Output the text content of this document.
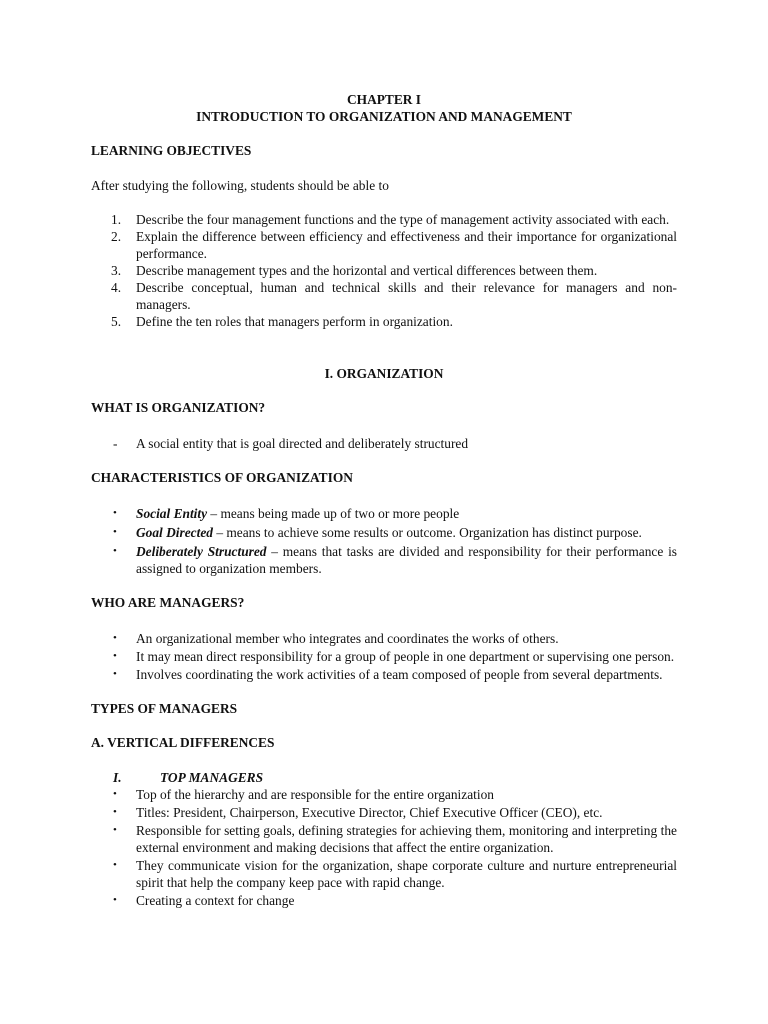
CHAPTER I

INTRODUCTION TO ORGANIZATION AND MANAGEMENT

LEARNING OBJECTIVES

After studying the following, students should be able to

1. Describe the four management functions and the type of management activity associated with each.
2. Explain the difference between efficiency and effectiveness and their importance for organizational performance.
3. Describe management types and the horizontal and vertical differences between them.
4. Describe conceptual, human and technical skills and their relevance for managers and non-managers.
5. Define the ten roles that managers perform in organization.

I. ORGANIZATION

WHAT IS ORGANIZATION?

- A social entity that is goal directed and deliberately structured

CHARACTERISTICS OF ORGANIZATION

• Social Entity – means being made up of two or more people
• Goal Directed – means to achieve some results or outcome. Organization has distinct purpose.
• Deliberately Structured – means that tasks are divided and responsibility for their performance is assigned to organization members.

WHO ARE MANAGERS?

• An organizational member who integrates and coordinates the works of others.
• It may mean direct responsibility for a group of people in one department or supervising one person.
• Involves coordinating the work activities of a team composed of people from several departments.

TYPES OF MANAGERS

A. VERTICAL DIFFERENCES

I.	TOP MANAGERS

• Top of the hierarchy and are responsible for the entire organization
• Titles: President, Chairperson, Executive Director, Chief Executive Officer (CEO), etc.
• Responsible for setting goals, defining strategies for achieving them, monitoring and interpreting the external environment and making decisions that affect the entire organization.
• They communicate vision for the organization, shape corporate culture and nurture entrepreneurial spirit that help the company keep pace with rapid change.
• Creating a context for change
